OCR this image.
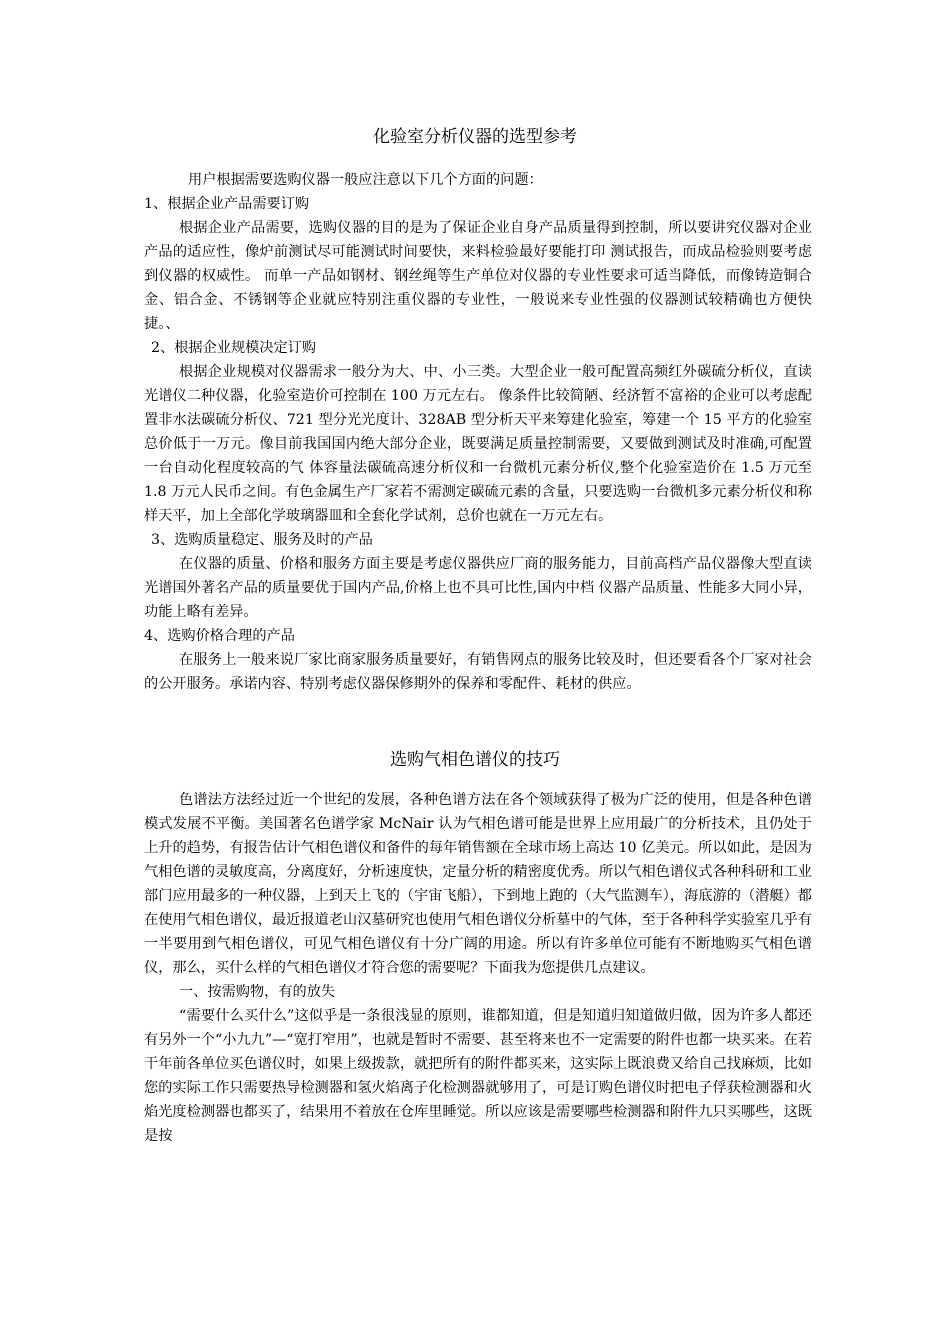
化验室分析仪器的选型参考

用户根据需要选购仪器一般应注意以下几个方面的问题：

1、根据企业产品需要订购

根据企业产品需要，选购仪器的目的是为了保证企业自身产品质量得到控制，所以要讲究仪器对企业产品的适应性，像炉前测试尽可能测试时间要快，来料检验最好要能打印 测试报告，而成品检验则要考虑到仪器的权威性。 而单一产品如钢材、钢丝绳等生产单位对仪器的专业性要求可适当降低，而像铸造铜合金、铝合金、不锈钢等企业就应特别注重仪器的专业性，一般说来专业性强的仪器测试较精确也方便快捷。、

2、根据企业规模决定订购

根据企业规模对仪器需求一般分为大、中、小三类。大型企业一般可配置高频红外碳硫分析仪，直读光谱仪二种仪器，化验室造价可控制在 100 万元左右。 像条件比较简陋、经济暂不富裕的企业可以考虑配置非水法碳硫分析仪、721 型分光光度计、328AB 型分析天平来筹建化验室，筹建一个 15 平方的化验室总价低于一万元。像目前我国国内绝大部分企业，既要满足质量控制需要，又要做到测试及时准确,可配置一台自动化程度较高的气 体容量法碳硫高速分析仪和一台微机元素分析仪,整个化验室造价在 1.5 万元至 1.8 万元人民币之间。有色金属生产厂家若不需测定碳硫元素的含量，只要选购一台微机多元素分析仪和称样天平，加上全部化学玻璃器皿和全套化学试剂，总价也就在一万元左右。

3、选购质量稳定、服务及时的产品

在仪器的质量、价格和服务方面主要是考虑仪器供应厂商的服务能力，目前高档产品仪器像大型直读光谱国外著名产品的质量要优于国内产品,价格上也不具可比性,国内中档 仪器产品质量、性能多大同小异，功能上略有差异。

4、选购价格合理的产品

在服务上一般来说厂家比商家服务质量要好，有销售网点的服务比较及时，但还要看各个厂家对社会的公开服务。承诺内容、特别考虑仪器保修期外的保养和零配件、耗材的供应。

选购气相色谱仪的技巧

色谱法方法经过近一个世纪的发展，各种色谱方法在各个领域获得了极为广泛的使用，但是各种色谱模式发展不平衡。美国著名色谱学家 McNair 认为气相色谱可能是世界上应用最广的分析技术，且仍处于上升的趋势，有报告估计气相色谱仪和备件的每年销售额在全球市场上高达 10 亿美元。所以如此，是因为气相色谱的灵敏度高，分离度好，分析速度快，定量分析的精密度优秀。所以气相色谱仪式各种科研和工业部门应用最多的一种仪器，上到天上飞的（宇宙飞船），下到地上跑的（大气监测车），海底游的（潜艇）都在使用气相色谱仪，最近报道老山汉墓研究也使用气相色谱仪分析墓中的气体，至于各种科学实验室几乎有一半要用到气相色谱仪，可见气相色谱仪有十分广阔的用途。所以有许多单位可能有不断地购买气相色谱仪，那么，买什么样的气相色谱仪才符合您的需要呢？下面我为您提供几点建议。

一、按需购物，有的放失

“需要什么买什么”这似乎是一条很浅显的原则，谁都知道，但是知道归知道做归做，因为许多人都还有另外一个“小九九”—“宽打窄用”，也就是暂时不需要、甚至将来也不一定需要的附件也都一块买来。在若干年前各单位买色谱仪时，如果上级拨款，就把所有的附件都买来，这实际上既浪费又给自己找麻烦，比如您的实际工作只需要热导检测器和氢火焰离子化检测器就够用了，可是订购色谱仪时把电子俘获检测器和火焰光度检测器也都买了，结果用不着放在仓库里睡觉。所以应该是需要哪些检测器和附件九只买哪些，这既是按
